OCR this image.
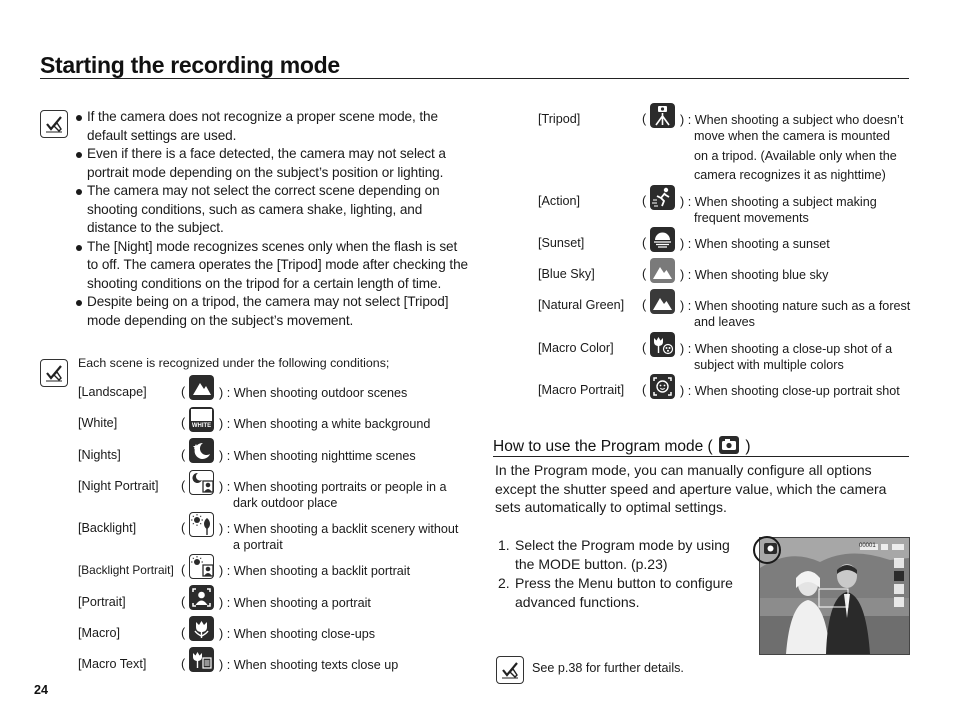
Starting the recording mode
If the camera does not recognize a proper scene mode, the default settings are used.
Even if there is a face detected, the camera may not select a portrait mode depending on the subject’s position or lighting.
The camera may not select the correct scene depending on shooting conditions, such as camera shake, lighting, and distance to the subject.
The [Night] mode recognizes scenes only when the flash is set to off. The camera operates the [Tripod] mode after checking the shooting conditions on the tripod for a certain length of time.
Despite being on a tripod, the camera may not select [Tripod] mode depending on the subject’s movement.
Each scene is recognized under the following conditions;
[Landscape]	(	) : When shooting outdoor scenes
[White]	( WHITE ) : When shooting a white background
[Nights]	(	) : When shooting nighttime scenes
[Night Portrait] (	) : When shooting portraits or people in a
dark outdoor place
[Backlight]	(	) : When shooting a backlit scenery without
a portrait
[Backlight Portrait] (	) : When shooting a backlit portrait
[Portrait]	(	) : When shooting a portrait
[Macro]	(	) : When shooting close-ups
[Macro Text]	(	) : When shooting texts close up
[Tripod]	(	) : When shooting a subject who doesn’t
move when the camera is mounted
on a tripod. (Available only when the
camera recognizes it as nighttime)
[Action]	(	) : When shooting a subject making
frequent movements
[Sunset]	(	) : When shooting a sunset
[Blue Sky]	(	) : When shooting blue sky
[Natural Green] (	) : When shooting nature such as a forest
and leaves
[Macro Color] (	) : When shooting a close-up shot of a
subject with multiple colors
[Macro Portrait] (	) : When shooting close-up portrait shot
How to use the Program mode ( )
In the Program mode, you can manually configure all options except the shutter speed and aperture value, which the camera sets automatically to optimal settings.
1. Select the Program mode by using the MODE button. (p.23)
2. Press the Menu button to configure advanced functions.
00001
See p.38 for further details.
24
